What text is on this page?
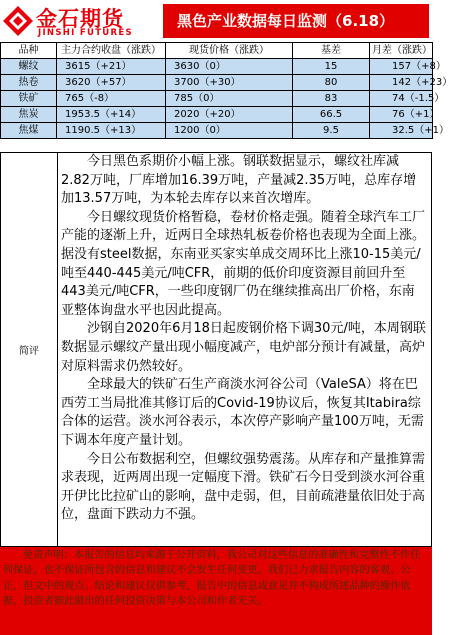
金石期货
JINSHI FUTURES
黑色产业数据每日监测（6.18）
品种	主力合约收盘（涨跌）	现货价格（涨跌）	基差	月差（涨跌）
螺纹	3615（+21）	3630（0）	15	157（+8）
热卷	3620（+57）	3700（+30）	80	142（+23）
铁矿	765（-8）	785（0）	83	74（-1.5）
焦炭	1953.5（+14）	2020（+20）	66.5	76（+1）
焦煤	1190.5（+13）	1200（0）	9.5	32.5（+1）
简评

今日黑色系期价小幅上涨。钢联数据显示，螺纹社库减2.82万吨，厂库增加16.39万吨，产量减2.35万吨，总库存增加13.57万吨，为本轮去库存以来首次增库。

今日螺纹现货价格暂稳，卷材价格走强。随着全球汽车工厂产能的逐渐上升，近两日全球热轧板卷价格也表现为全面上涨。据没有steel数据，东南亚买家实单成交周环比上涨10-15美元/吨至440-445美元/吨CFR，前期的低价印度资源目前回升至443美元/吨CFR，一些印度钢厂仍在继续推高出厂价格，东南亚整体询盘水平也因此提高。

沙钢自2020年6月18日起废钢价格下调30元/吨，本周钢联数据显示螺纹产量出现小幅度减产，电炉部分预计有减量，高炉对原料需求仍然较好。

全球最大的铁矿石生产商淡水河谷公司（ValeSA）将在巴西劳工当局批准其修订后的Covid-19协议后，恢复其Itabira综合体的运营。淡水河谷表示，本次停产影响产量100万吨，无需下调本年度产量计划。

今日公布数据利空，但螺纹强势震荡。从库存和产量推算需求表现，近两周出现一定幅度下滑。铁矿石今日受到淡水河谷重开伊比比拉矿山的影响，盘中走弱，但，目前疏港量依旧处于高位，盘面下跌动力不强。

免责声明：本报告的信息均来源于公开资料，我公司对这些信息的准确性和完整性不作任何保证，也不保证所包含的信息和建议不会发生任何变更。我们已力求报告内容的客观、公正，但文中的观点、结论和建议仅供参考，报告中的信息或意见并不构成所述品种的操作依据，投资者据此做出的任何投资决策与本公司和作者无关。
